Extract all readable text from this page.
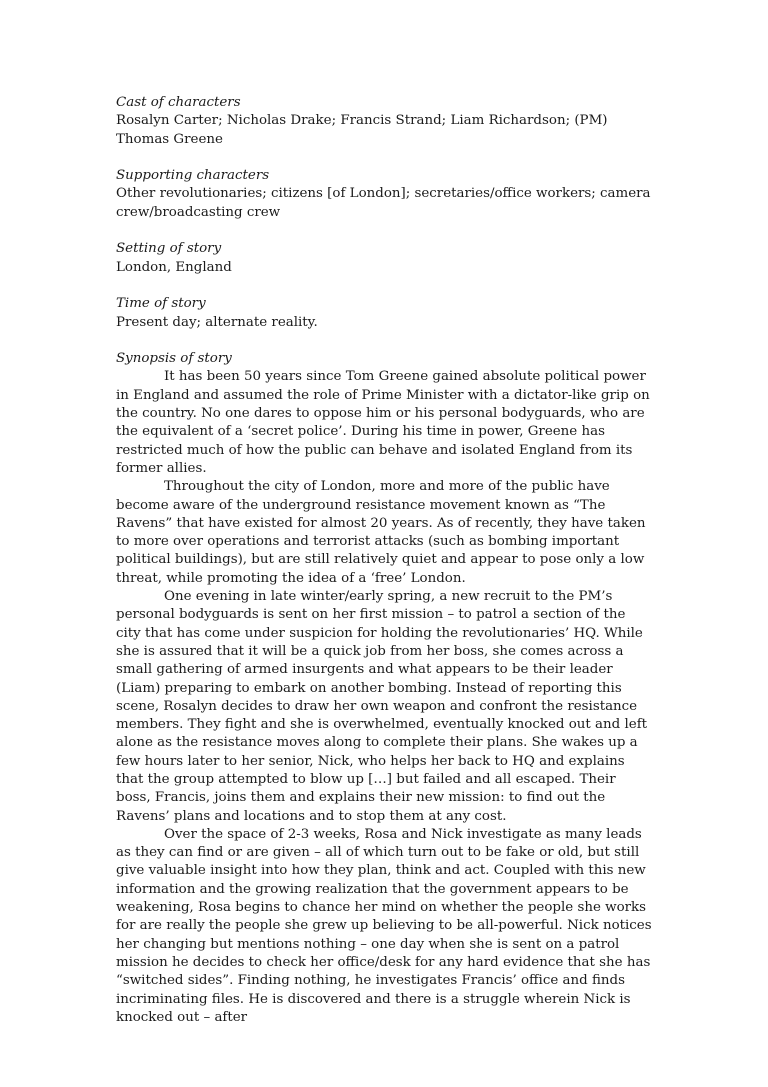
Cast of characters
Rosalyn Carter; Nicholas Drake; Francis Strand; Liam Richardson; (PM) Thomas Greene
Supporting characters
Other revolutionaries; citizens [of London]; secretaries/office workers; camera crew/broadcasting crew
Setting of story
London, England
Time of story
Present day; alternate reality.
Synopsis of story

It has been 50 years since Tom Greene gained absolute political power in England and assumed the role of Prime Minister with a dictator-like grip on the country. No one dares to oppose him or his personal bodyguards, who are the equivalent of a ‘secret police’. During his time in power, Greene has restricted much of how the public can behave and isolated England from its former allies.

Throughout the city of London, more and more of the public have become aware of the underground resistance movement known as “The Ravens” that have existed for almost 20 years. As of recently, they have taken to more over operations and terrorist attacks (such as bombing important political buildings), but are still relatively quiet and appear to pose only a low threat, while promoting the idea of a ‘free’ London.

One evening in late winter/early spring, a new recruit to the PM’s personal bodyguards is sent on her first mission – to patrol a section of the city that has come under suspicion for holding the revolutionaries’ HQ. While she is assured that it will be a quick job from her boss, she comes across a small gathering of armed insurgents and what appears to be their leader (Liam) preparing to embark on another bombing. Instead of reporting this scene, Rosalyn decides to draw her own weapon and confront the resistance members. They fight and she is overwhelmed, eventually knocked out and left alone as the resistance moves along to complete their plans. She wakes up a few hours later to her senior, Nick, who helps her back to HQ and explains that the group attempted to blow up […] but failed and all escaped. Their boss, Francis, joins them and explains their new mission: to find out the Ravens’ plans and locations and to stop them at any cost.

Over the space of 2-3 weeks, Rosa and Nick investigate as many leads as they can find or are given – all of which turn out to be fake or old, but still give valuable insight into how they plan, think and act. Coupled with this new information and the growing realization that the government appears to be weakening, Rosa begins to chance her mind on whether the people she works for are really the people she grew up believing to be all-powerful. Nick notices her changing but mentions nothing – one day when she is sent on a patrol mission he decides to check her office/desk for any hard evidence that she has “switched sides”. Finding nothing, he investigates Francis’ office and finds incriminating files. He is discovered and there is a struggle wherein Nick is knocked out – after
